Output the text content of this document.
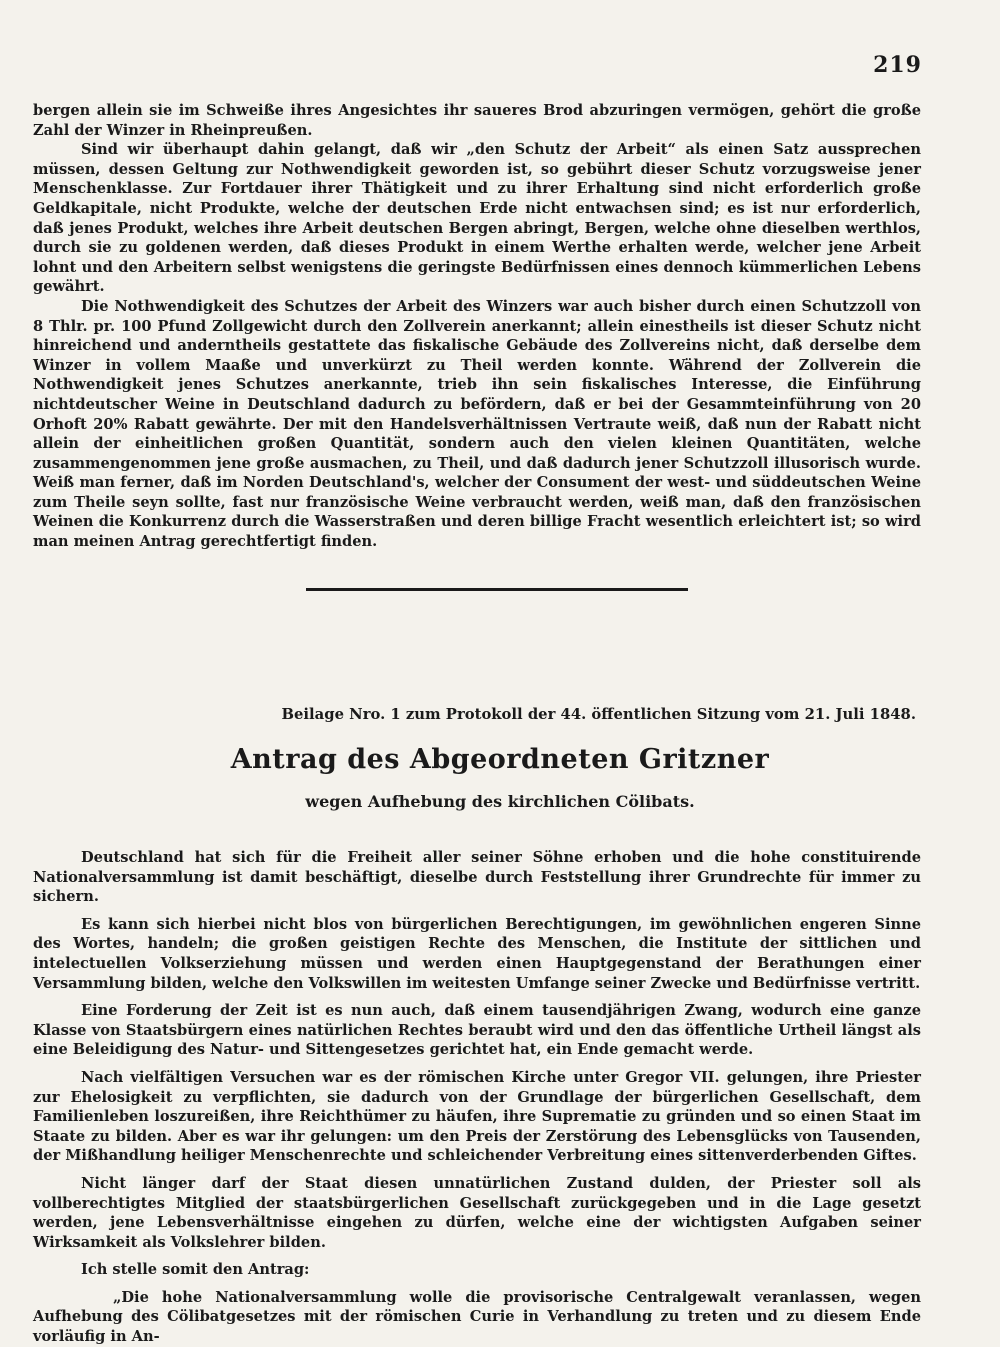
219

bergen allein sie im Schweiße ihres Angesichtes ihr saueres Brod abzuringen vermögen, gehört die große Zahl der Winzer in Rheinpreußen.

Sind wir überhaupt dahin gelangt, daß wir „den Schutz der Arbeit“ als einen Satz aussprechen müssen, dessen Geltung zur Nothwendigkeit geworden ist, so gebührt dieser Schutz vorzugsweise jener Menschenklasse. Zur Fortdauer ihrer Thätigkeit und zu ihrer Erhaltung sind nicht erforderlich große Geldkapitale, nicht Produkte, welche der deutschen Erde nicht entwachsen sind; es ist nur erforderlich, daß jenes Produkt, welches ihre Arbeit deutschen Bergen abringt, Bergen, welche ohne dieselben werthlos, durch sie zu goldenen werden, daß dieses Produkt in einem Werthe erhalten werde, welcher jene Arbeit lohnt und den Arbeitern selbst wenigstens die geringste Bedürfnissen eines dennoch kümmerlichen Lebens gewährt.

Die Nothwendigkeit des Schutzes der Arbeit des Winzers war auch bisher durch einen Schutzzoll von 8 Thlr. pr. 100 Pfund Zollgewicht durch den Zollverein anerkannt; allein einestheils ist dieser Schutz nicht hinreichend und anderntheils gestattete das fiskalische Gebäude des Zollvereins nicht, daß derselbe dem Winzer in vollem Maaße und unverkürzt zu Theil werden konnte. Während der Zollverein die Nothwendigkeit jenes Schutzes anerkannte, trieb ihn sein fiskalisches Interesse, die Einführung nichtdeutscher Weine in Deutschland dadurch zu befördern, daß er bei der Gesammteinführung von 20 Orhoft 20% Rabatt gewährte. Der mit den Handelsverhältnissen Vertraute weiß, daß nun der Rabatt nicht allein der einheitlichen großen Quantität, sondern auch den vielen kleinen Quantitäten, welche zusammengenommen jene große ausmachen, zu Theil, und daß dadurch jener Schutzzoll illusorisch wurde. Weiß man ferner, daß im Norden Deutschland's, welcher der Consument der west- und süddeutschen Weine zum Theile seyn sollte, fast nur französische Weine verbraucht werden, weiß man, daß den französischen Weinen die Konkurrenz durch die Wasserstraßen und deren billige Fracht wesentlich erleichtert ist; so wird man meinen Antrag gerechtfertigt finden.

Beilage Nro. 1 zum Protokoll der 44. öffentlichen Sitzung vom 21. Juli 1848.
Antrag des Abgeordneten Gritzner
wegen Aufhebung des kirchlichen Cölibats.

Deutschland hat sich für die Freiheit aller seiner Söhne erhoben und die hohe constituirende Nationalversammlung ist damit beschäftigt, dieselbe durch Feststellung ihrer Grundrechte für immer zu sichern.

Es kann sich hierbei nicht blos von bürgerlichen Berechtigungen, im gewöhnlichen engeren Sinne des Wortes, handeln; die großen geistigen Rechte des Menschen, die Institute der sittlichen und intelectuellen Volkserziehung müssen und werden einen Hauptgegenstand der Berathungen einer Versammlung bilden, welche den Volkswillen im weitesten Umfange seiner Zwecke und Bedürfnisse vertritt.

Eine Forderung der Zeit ist es nun auch, daß einem tausendjährigen Zwang, wodurch eine ganze Klasse von Staatsbürgern eines natürlichen Rechtes beraubt wird und den das öffentliche Urtheil längst als eine Beleidigung des Natur- und Sittengesetzes gerichtet hat, ein Ende gemacht werde.

Nach vielfältigen Versuchen war es der römischen Kirche unter Gregor VII. gelungen, ihre Priester zur Ehelosigkeit zu verpflichten, sie dadurch von der Grundlage der bürgerlichen Gesellschaft, dem Familienleben loszureißen, ihre Reichthümer zu häufen, ihre Suprematie zu gründen und so einen Staat im Staate zu bilden. Aber es war ihr gelungen: um den Preis der Zerstörung des Lebensglücks von Tausenden, der Mißhandlung heiliger Menschenrechte und schleichender Verbreitung eines sittenverderbenden Giftes.

Nicht länger darf der Staat diesen unnatürlichen Zustand dulden, der Priester soll als vollberechtigtes Mitglied der staatsbürgerlichen Gesellschaft zurückgegeben und in die Lage gesetzt werden, jene Lebensverhältnisse eingehen zu dürfen, welche eine der wichtigsten Aufgaben seiner Wirksamkeit als Volkslehrer bilden.

Ich stelle somit den Antrag:

„Die hohe Nationalversammlung wolle die provisorische Centralgewalt veranlassen, wegen Aufhebung des Cölibatgesetzes mit der römischen Curie in Verhandlung zu treten und zu diesem Ende vorläufig in An-
